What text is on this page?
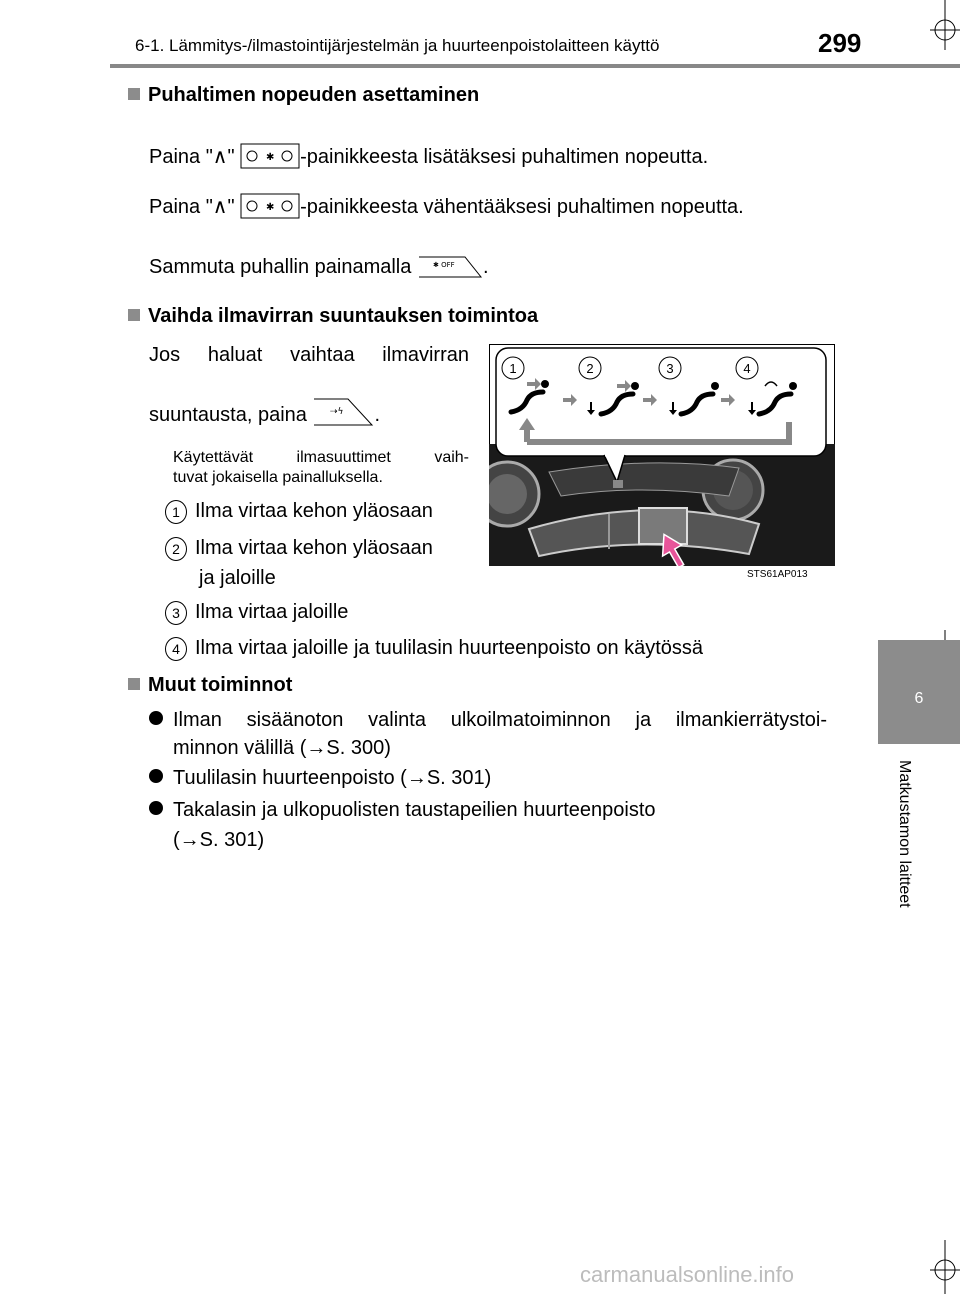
6-1. Lämmitys-/ilmastointijärjestelmän ja huurteenpoistolaitteen käyttö	299
6
Matkustamon laitteet
Puhaltimen nopeuden asettaminen
Paina "∧"	✱ -painikkeesta lisätäksesi puhaltimen nopeutta.
Paina "∧"	✱ -painikkeesta vähentääksesi puhaltimen nopeutta.
Sammuta puhallin painamalla ✱ OFF .
Vaihda ilmavirran suuntauksen toimintoa
Jos haluat vaihtaa ilmavirran
suuntausta, paina ⇢ϟ .
Käytettävät ilmasuuttimet vaih-
tuvat jokaisella painalluksella.
1 Ilma virtaa kehon yläosaan
2 Ilma virtaa kehon yläosaan
ja jaloille
3 Ilma virtaa jaloille
4 Ilma virtaa jaloille ja tuulilasin huurteenpoisto on käytössä
STS61AP013
1	2	3	4
Muut toiminnot
Ilman sisäänoton valinta ulkoilmatoiminnon ja ilmankierrätystoi-
minnon välillä (→S. 300)
Tuulilasin huurteenpoisto (→S. 301)
Takalasin ja ulkopuolisten taustapeilien huurteenpoisto
(→S. 301)
carmanualsonline.info
